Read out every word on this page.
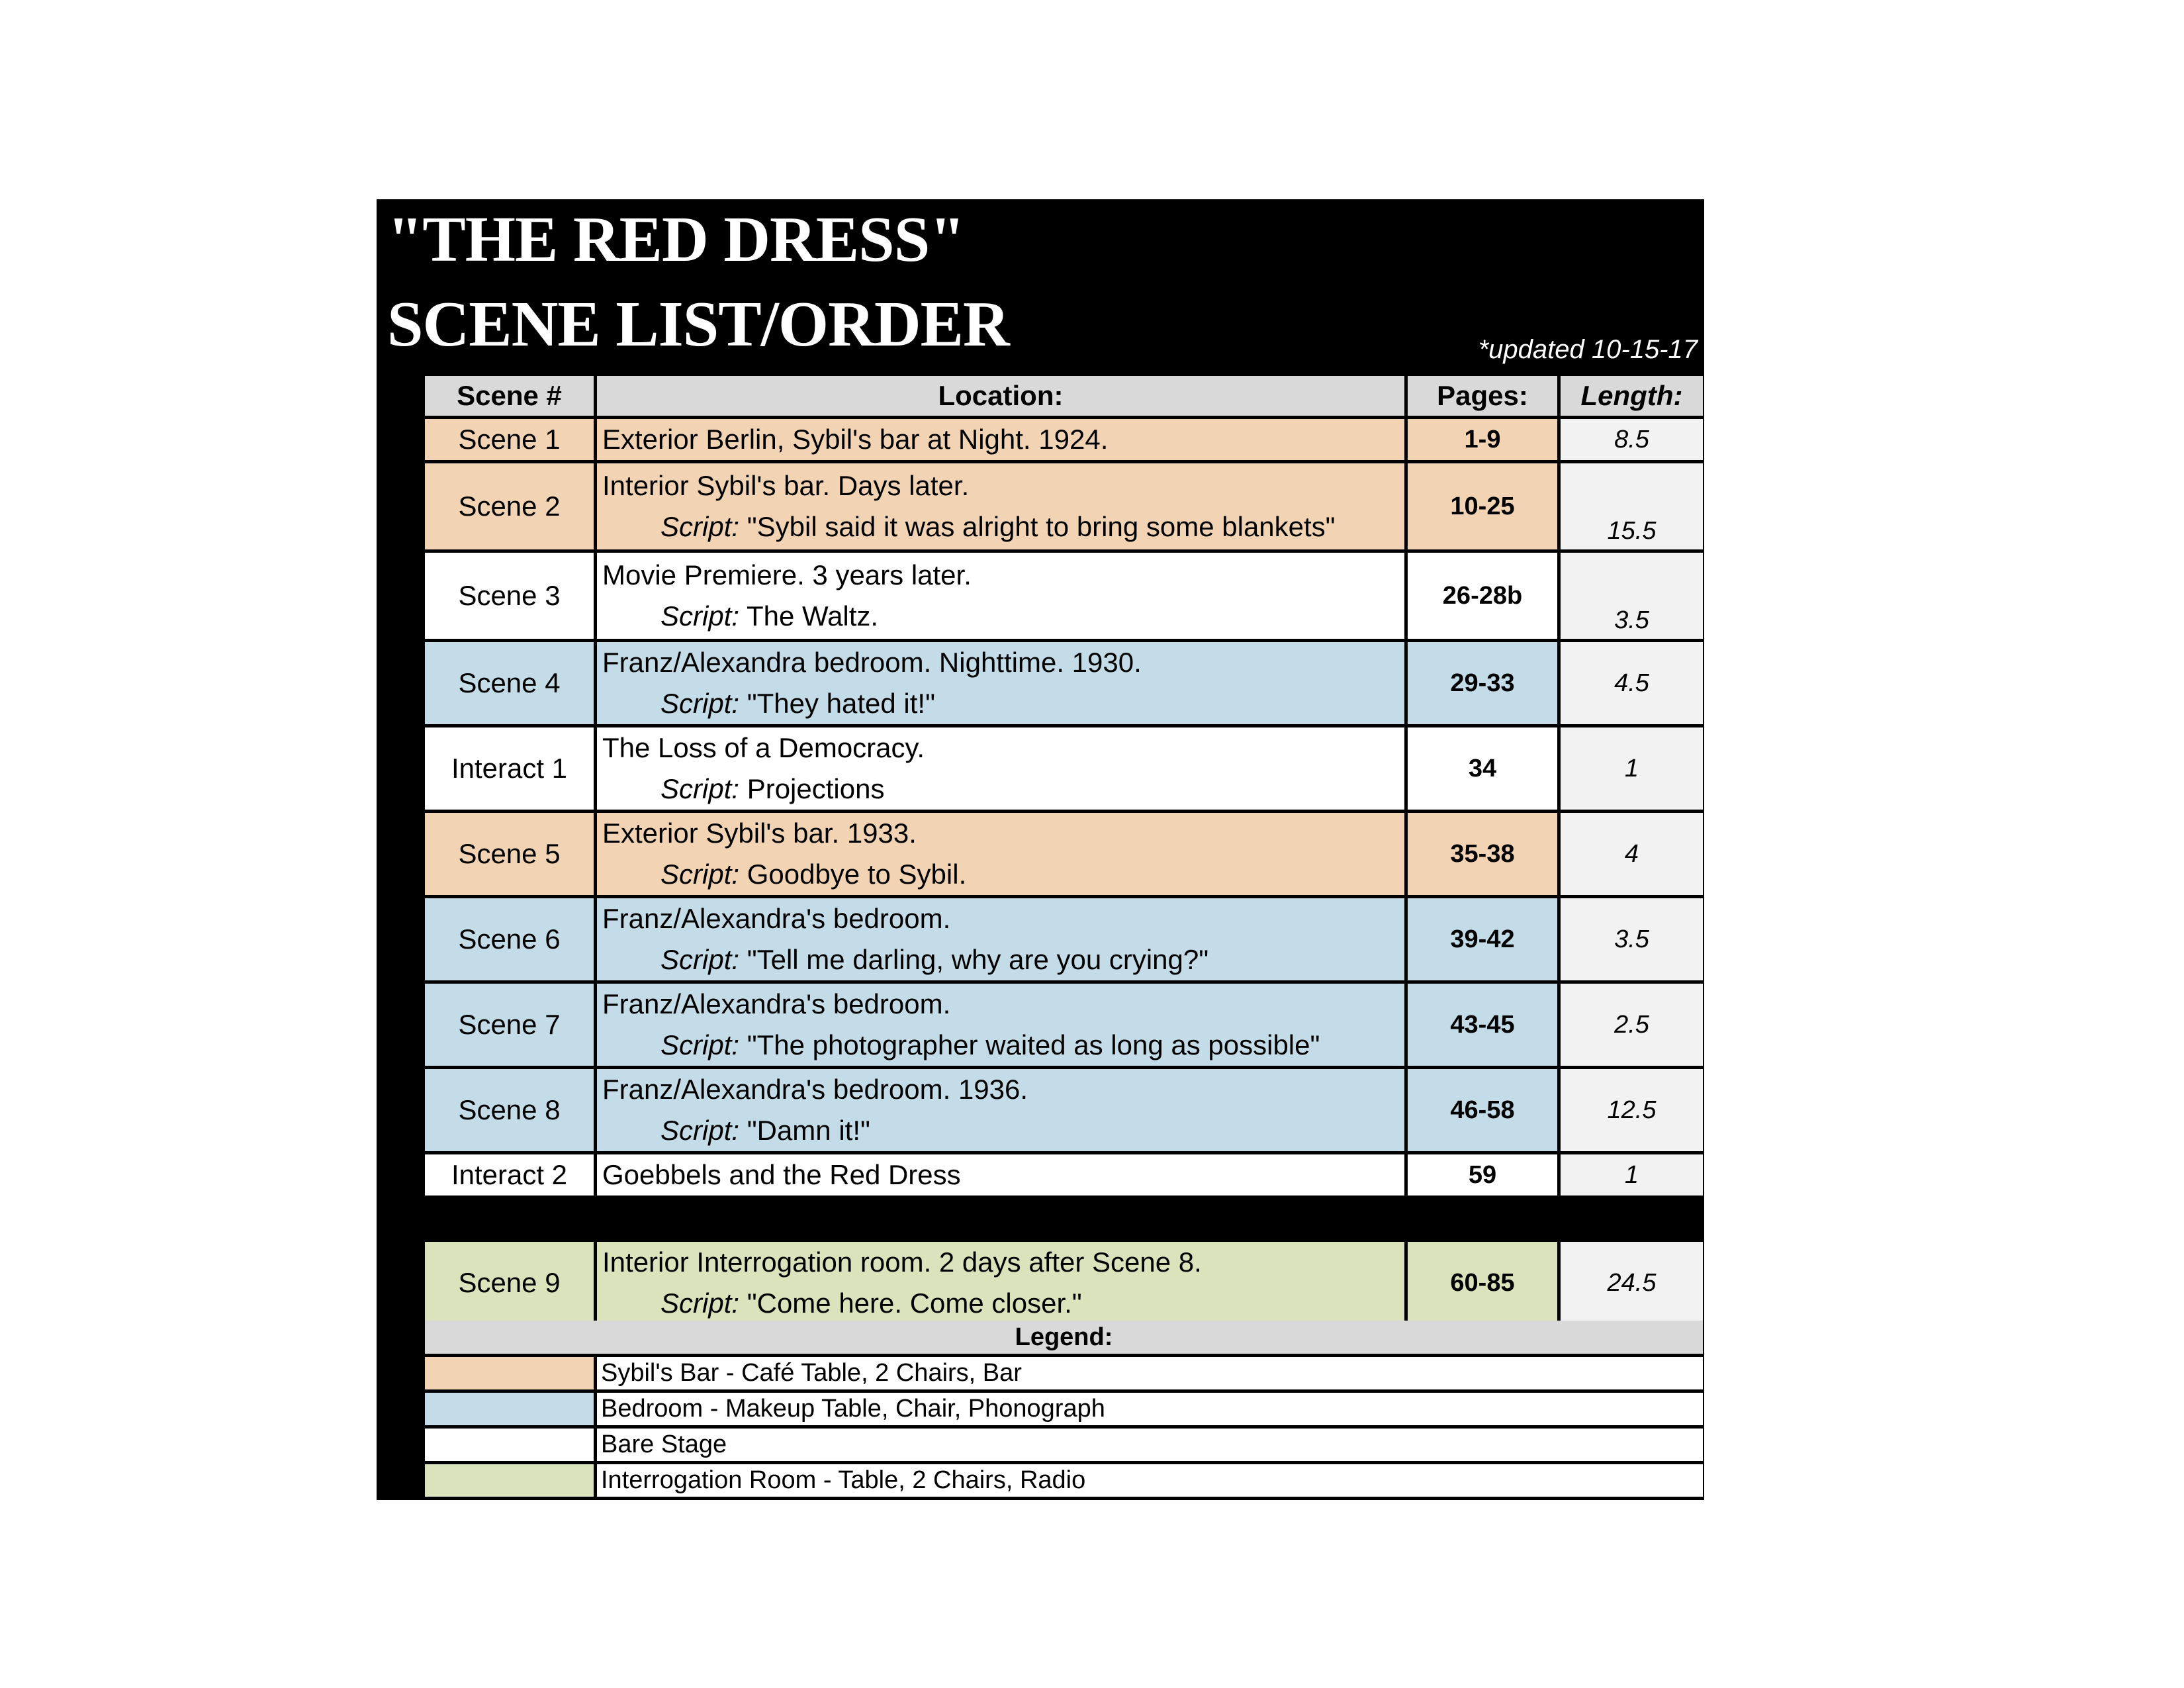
"THE RED DRESS"
SCENE LIST/ORDER	*updated 10-15-17
Scene #	Location:	Pages:	Length:
Scene 1	Exterior Berlin, Sybil's bar at Night. 1924.	1-9	8.5
Scene 2	Interior Sybil's bar. Days later.
Script: "Sybil said it was alright to bring some blankets"	10-25	15.5
Scene 3	Movie Premiere. 3 years later.
Script: The Waltz.	26-28b	3.5
Scene 4	Franz/Alexandra bedroom. Nighttime. 1930.
Script: "They hated it!"	29-33	4.5
Interact 1	The Loss of a Democracy.
Script: Projections	34	1
Scene 5	Exterior Sybil's bar. 1933.
Script: Goodbye to Sybil.	35-38	4
Scene 6	Franz/Alexandra's bedroom.
Script: "Tell me darling, why are you crying?"	39-42	3.5
Scene 7	Franz/Alexandra's bedroom.
Script: "The photographer waited as long as possible"	43-45	2.5
Scene 8	Franz/Alexandra's bedroom. 1936.
Script: "Damn it!"	46-58	12.5
Interact 2	Goebbels and the Red Dress	59	1

Scene 9	Interior Interrogation room. 2 days after Scene 8.
Script: "Come here. Come closer."	60-85	24.5
Legend:	
	Sybil's Bar - Café Table, 2 Chairs, Bar
	Bedroom - Makeup Table, Chair, Phonograph
	Bare Stage
	Interrogation Room - Table, 2 Chairs, Radio
